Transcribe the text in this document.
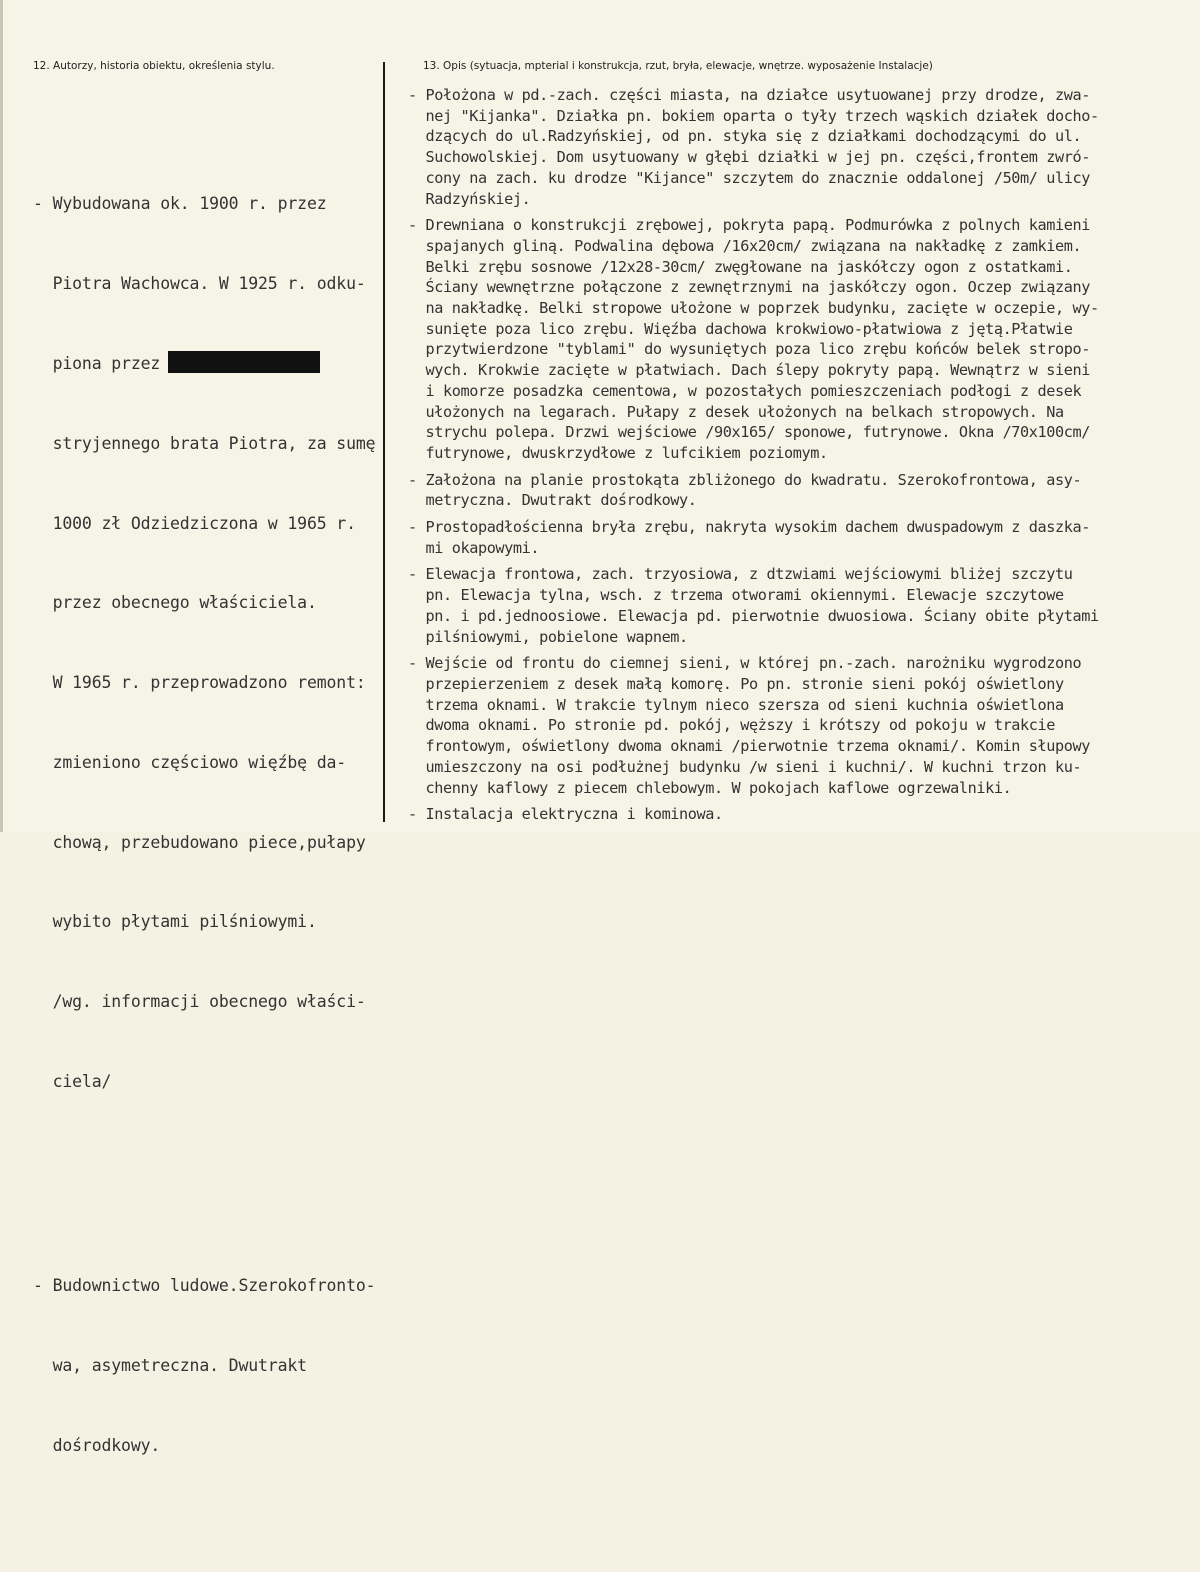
12. Autorzy, historia obiektu, określenia stylu.	13. Opis (sytuacja, mpterial i konstrukcja, rzut, bryła, elewacje, wnętrze. wyposażenie Instalacje)

- Wybudowana ok. 1900 r. przez

Piotra Wachowca. W 1925 r. odku-

piona przez

stryjennego brata Piotra, za sumę

1000 zł Odziedziczona w 1965 r.

przez obecnego właściciela.

W 1965 r. przeprowadzono remont:

zmieniono częściowo więźbę da-

chową, przebudowano piece,pułapy

wybito płytami pilśniowymi.

/wg. informacji obecnego właści-

ciela/

- Budownictwo ludowe.Szerokofronto-

wa, asymetreczna. Dwutrakt

dośrodkowy.

- Położona w pd.-zach. części miasta, na działce usytuowanej przy drodze, zwa-
nej "Kijanka". Działka pn. bokiem oparta o tyły trzech wąskich działek docho-
dzących do ul.Radzyńskiej, od pn. styka się z działkami dochodzącymi do ul.
Suchowolskiej. Dom usytuowany w głębi działki w jej pn. części,frontem zwró-
cony na zach. ku drodze "Kijance" szczytem do znacznie oddalonej /50m/ ulicy
Radzyńskiej.
- Drewniana o konstrukcji zrębowej, pokryta papą. Podmurówka z polnych kamieni
spajanych gliną. Podwalina dębowa /16x20cm/ związana na nakładkę z zamkiem.
Belki zrębu sosnowe /12x28-30cm/ zwęgłowane na jaskółczy ogon z ostatkami.
Ściany wewnętrzne połączone z zewnętrznymi na jaskółczy ogon. Oczep związany
na nakładkę. Belki stropowe ułożone w poprzek budynku, zacięte w oczepie, wy-
sunięte poza lico zrębu. Więźba dachowa krokwiowo-płatwiowa z jętą.Płatwie
przytwierdzone "tyblami" do wysuniętych poza lico zrębu końców belek stropo-
wych. Krokwie zacięte w płatwiach. Dach ślepy pokryty papą. Wewnątrz w sieni
i komorze posadzka cementowa, w pozostałych pomieszczeniach podłogi z desek
ułożonych na legarach. Pułapy z desek ułożonych na belkach stropowych. Na
strychu polepa. Drzwi wejściowe /90x165/ sponowe, futrynowe. Okna /70x100cm/
futrynowe, dwuskrzydłowe z lufcikiem poziomym.
- Założona na planie prostokąta zbliżonego do kwadratu. Szerokofrontowa, asy-
metryczna. Dwutrakt dośrodkowy.
- Prostopadłościenna bryła zrębu, nakryta wysokim dachem dwuspadowym z daszka-
mi okapowymi.
- Elewacja frontowa, zach. trzyosiowa, z dtzwiami wejściowymi bliżej szczytu
pn. Elewacja tylna, wsch. z trzema otworami okiennymi. Elewacje szczytowe
pn. i pd.jednoosiowe. Elewacja pd. pierwotnie dwuosiowa. Ściany obite płytami
pilśniowymi, pobielone wapnem.
- Wejście od frontu do ciemnej sieni, w której pn.-zach. narożniku wygrodzono
przepierzeniem z desek małą komorę. Po pn. stronie sieni pokój oświetlony
trzema oknami. W trakcie tylnym nieco szersza od sieni kuchnia oświetlona
dwoma oknami. Po stronie pd. pokój, węższy i krótszy od pokoju w trakcie
frontowym, oświetlony dwoma oknami /pierwotnie trzema oknami/. Komin słupowy
umieszczony na osi podłużnej budynku /w sieni i kuchni/. W kuchni trzon ku-
chenny kaflowy z piecem chlebowym. W pokojach kaflowe ogrzewalniki.
- Instalacja elektryczna i kominowa.
